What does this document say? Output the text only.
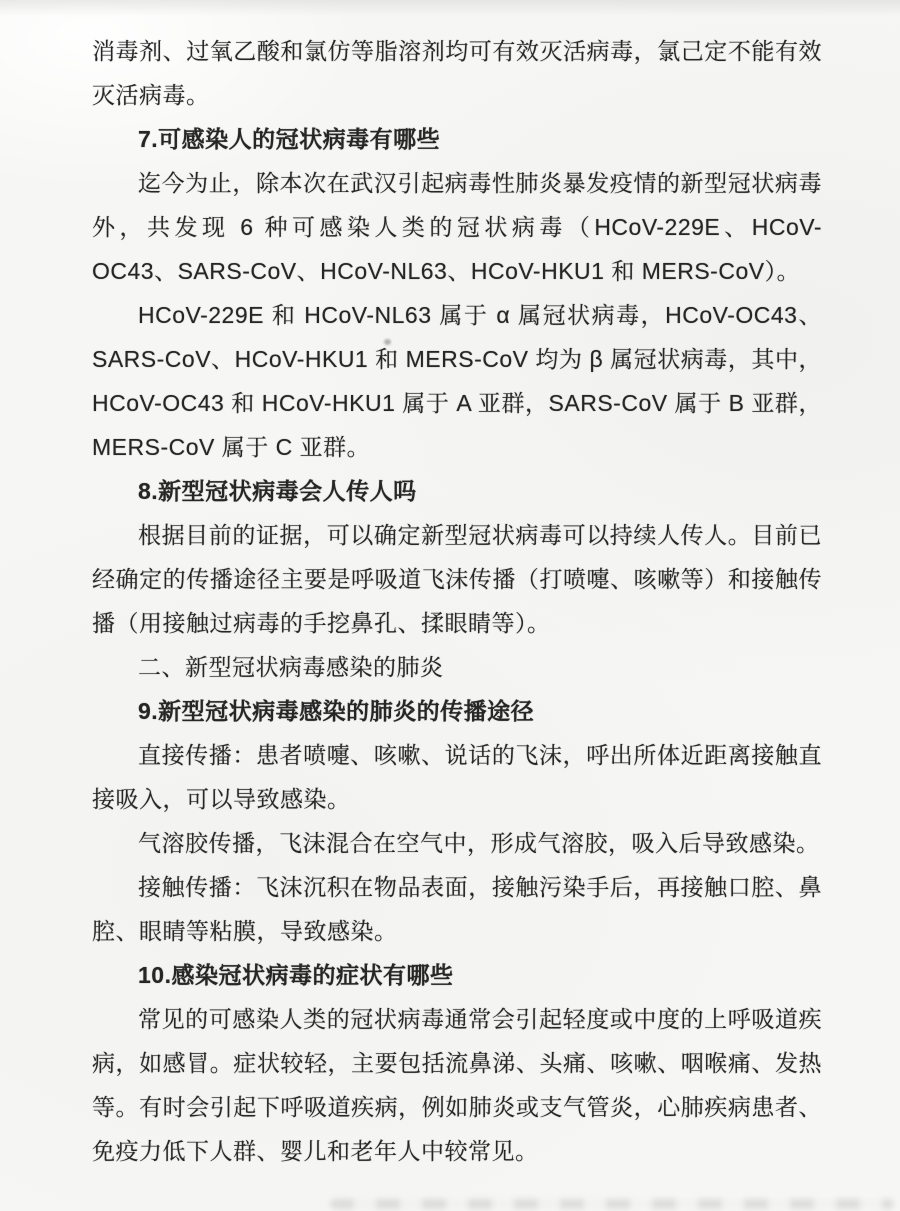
消毒剂、过氧乙酸和氯仿等脂溶剂均可有效灭活病毒，氯己定不能有效灭活病毒。

7.可感染人的冠状病毒有哪些

迄今为止，除本次在武汉引起病毒性肺炎暴发疫情的新型冠状病毒外，共发现 6 种可感染人类的冠状病毒（HCoV-229E、HCoV-OC43、SARS-CoV、HCoV-NL63、HCoV-HKU1 和 MERS-CoV）。

HCoV-229E 和 HCoV-NL63 属于 α 属冠状病毒，HCoV-OC43、SARS-CoV、HCoV-HKU1 和 MERS-CoV 均为 β 属冠状病毒，其中，HCoV-OC43 和 HCoV-HKU1 属于 A 亚群，SARS-CoV 属于 B 亚群，MERS-CoV 属于 C 亚群。

8.新型冠状病毒会人传人吗

根据目前的证据，可以确定新型冠状病毒可以持续人传人。目前已经确定的传播途径主要是呼吸道飞沫传播（打喷嚏、咳嗽等）和接触传播（用接触过病毒的手挖鼻孔、揉眼睛等）。

二、新型冠状病毒感染的肺炎

9.新型冠状病毒感染的肺炎的传播途径

直接传播：患者喷嚏、咳嗽、说话的飞沫，呼出所体近距离接触直接吸入，可以导致感染。

气溶胶传播，飞沫混合在空气中，形成气溶胶，吸入后导致感染。

接触传播：飞沫沉积在物品表面，接触污染手后，再接触口腔、鼻腔、眼睛等粘膜，导致感染。

10.感染冠状病毒的症状有哪些

常见的可感染人类的冠状病毒通常会引起轻度或中度的上呼吸道疾病，如感冒。症状较轻，主要包括流鼻涕、头痛、咳嗽、咽喉痛、发热等。有时会引起下呼吸道疾病，例如肺炎或支气管炎，心肺疾病患者、免疫力低下人群、婴儿和老年人中较常见。
